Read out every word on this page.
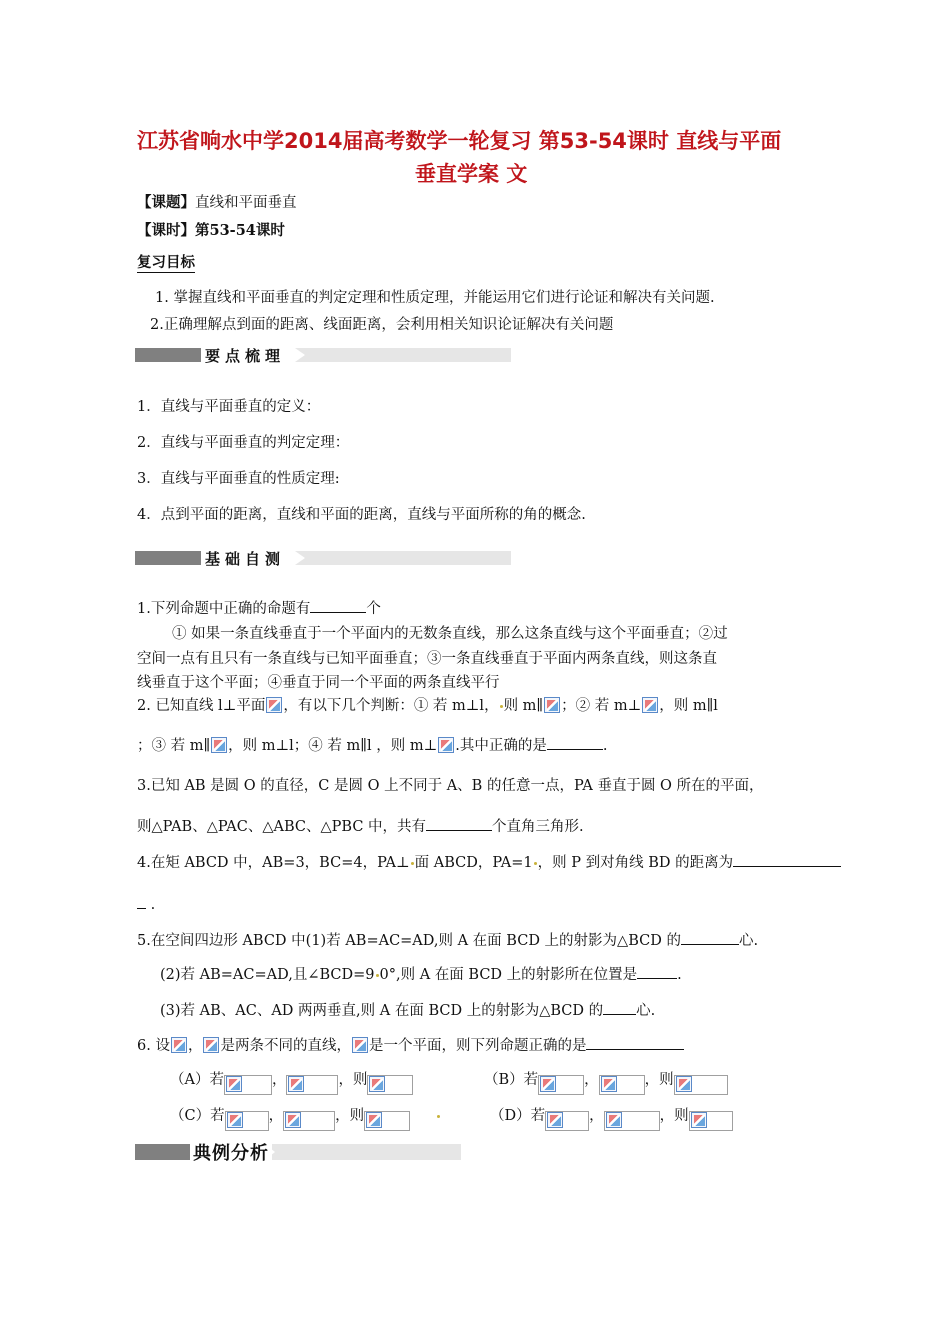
江苏省响水中学2014届高考数学一轮复习 第53-54课时 直线与平面
垂直学案 文
【课题】直线和平面垂直
【课时】第53-54课时
复习目标
1. 掌握直线和平面垂直的判定定理和性质定理，并能运用它们进行论证和解决有关问题.
2.正确理解点到面的距离、线面距离，会利用相关知识论证解决有关问题
要点梳理
1．直线与平面垂直的定义：
2．直线与平面垂直的判定定理：
3．直线与平面垂直的性质定理:
4．点到平面的距离，直线和平面的距离，直线与平面所称的角的概念.
基础自测
1.下列命题中正确的命题有	个
① 如果一条直线垂直于一个平面内的无数条直线，那么这条直线与这个平面垂直；②过
空间一点有且只有一条直线与已知平面垂直；③一条直线垂直于平面内两条直线，则这条直
线垂直于这个平面；④垂直于同一个平面的两条直线平行
2. 已知直线 l⊥平面 ，有以下几个判断：① 若 m⊥l， 则 m∥ ；② 若 m⊥ ，则 m∥l
；③ 若 m∥ ，则 m⊥l；④ 若 m∥l ，则 m⊥ .其中正确的是	.
3.已知 AB 是圆 O 的直径，C 是圆 O 上不同于 A、B 的任意一点，PA 垂直于圆 O 所在的平面，
则△PAB、△PAC、△ABC、△PBC 中，共有	个直角三角形.
4.在矩 ABCD 中，AB=3，BC=4，PA⊥ 面 ABCD，PA=1 ，则 P 到对角线 BD 的距离为
.
5.在空间四边形 ABCD 中(1)若 AB=AC=AD,则 A 在面 BCD 上的射影为△BCD 的	心.
(2)若 AB=AC=AD,且∠BCD=9 0°,则 A 在面 BCD 上的射影所在位置是	.
(3)若 AB、AC、AD 两两垂直,则 A 在面 BCD 上的射影为△BCD 的 心.
6. 设 ， 是两条不同的直线， 是一个平面，则下列命题正确的是
（A）若	，	，则	（B）若	，	，则
（C）若	，	，则	（D）若	，	，则
典例分析
